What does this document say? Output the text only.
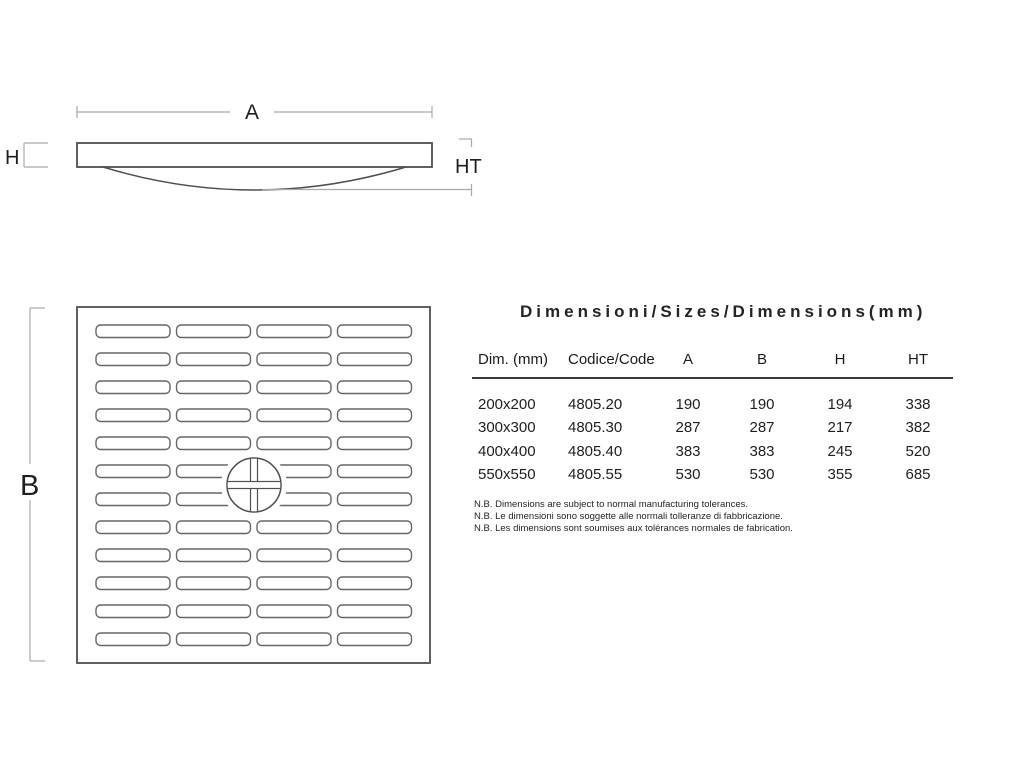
A
H	HT
B
Dimensioni/Sizes/Dimensions(mm)
Dim. (mm)	Codice/Code	A	B	H	HT
200x200	4805.20	190	190	194	338
300x300	4805.30	287	287	217	382
400x400	4805.40	383	383	245	520
550x550	4805.55	530	530	355	685
N.B. Dimensions are subject to normal manufacturing tolerances.
N.B. Le dimensioni sono soggette alle normali tolleranze di fabbricazione.
N.B. Les dimensions sont soumises aux tolérances normales de fabrication.
